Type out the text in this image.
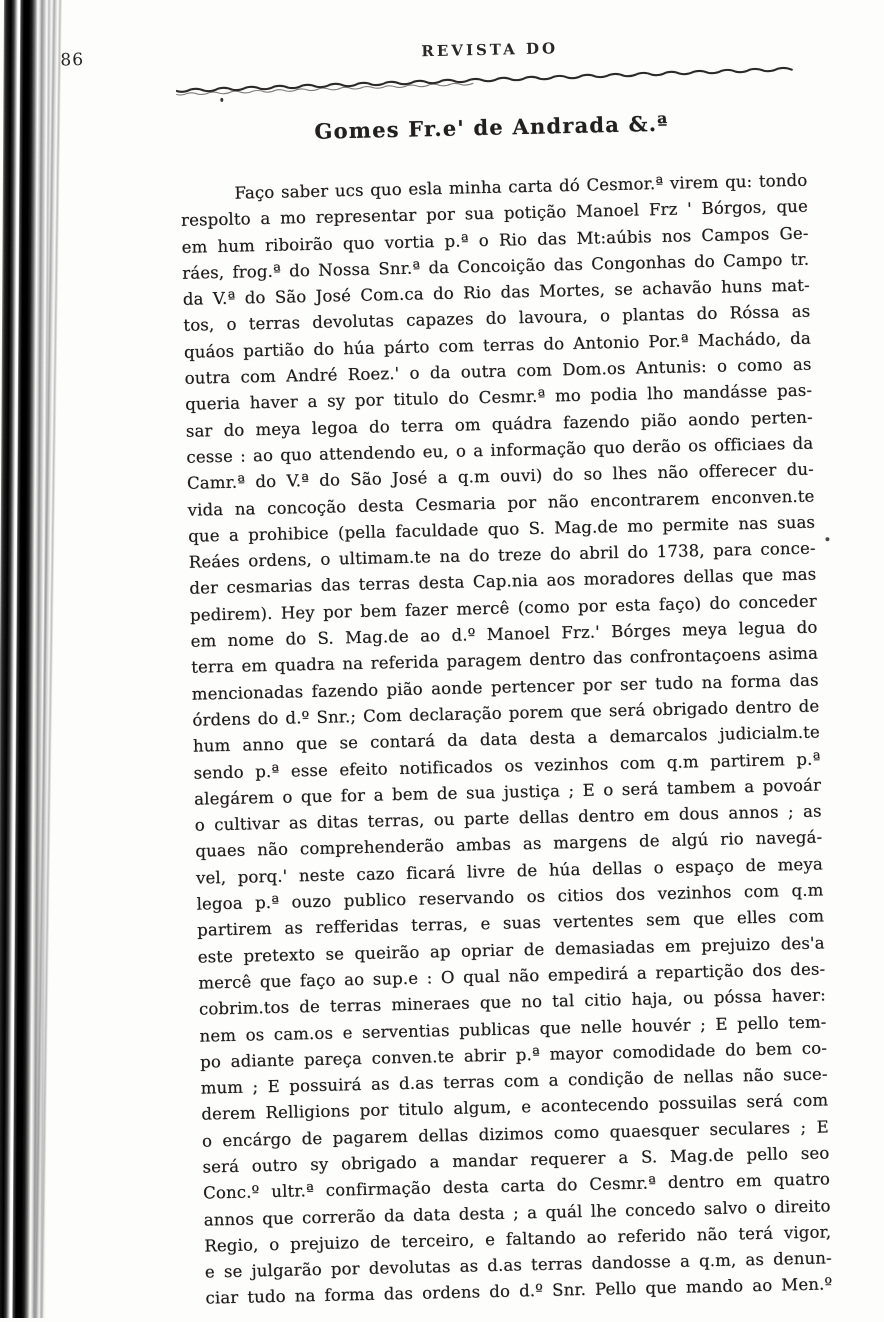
86	REVISTA DO
Gomes Fr.e' de Andrada &.ª
Faço saber ucs quo esla minha carta dó Cesmor.ª virem qu: tondo
respolto a mo representar por sua potição Manoel Frz ' Bórgos, que
em hum riboirão quo vortia p.ª o Rio das Mt:aúbis nos Campos Ge-
ráes, frog.ª do Nossa Snr.ª da Concoição das Congonhas do Campo tr.
da V.ª do São José Com.ca do Rio das Mortes, se achavão huns mat-
tos, o terras devolutas capazes do lavoura, o plantas do Róssa as
quáos partião do húa párto com terras do Antonio Por.ª Machádo, da
outra com André Roez.' o da outra com Dom.os Antunis: o como as
queria haver a sy por titulo do Cesmr.ª mo podia lho mandásse pas-
sar do meya legoa do terra om quádra fazendo pião aondo perten-
cesse : ao quo attendendo eu, o a informação quo derão os officiaes da
Camr.ª do V.ª do São José a q.m ouvi) do so lhes não offerecer du-
vida na concoção desta Cesmaria por não encontrarem enconven.te
que a prohibice (pella faculdade quo S. Mag.de mo permite nas suas
Reáes ordens, o ultimam.te na do treze do abril do 1738, para conce-
der cesmarias das terras desta Cap.nia aos moradores dellas que mas
pedirem). Hey por bem fazer mercê (como por esta faço) do conceder
em nome do S. Mag.de ao d.º Manoel Frz.' Bórges meya legua do
terra em quadra na referida paragem dentro das confrontaçoens asima
mencionadas fazendo pião aonde pertencer por ser tudo na forma das
órdens do d.º Snr.; Com declaração porem que será obrigado dentro de
hum anno que se contará da data desta a demarcalos judicialm.te
sendo p.ª esse efeito notificados os vezinhos com q.m partirem p.ª
alegárem o que for a bem de sua justiça ; E o será tambem a povoár
o cultivar as ditas terras, ou parte dellas dentro em dous annos ; as
quaes não comprehenderão ambas as margens de algú rio navegá-
vel, porq.' neste cazo ficará livre de húa dellas o espaço de meya
legoa p.ª ouzo publico reservando os citios dos vezinhos com q.m
partirem as refferidas terras, e suas vertentes sem que elles com
este pretexto se queirão ap opriar de demasiadas em prejuizo des'a
mercê que faço ao sup.e : O qual não empedirá a repartição dos des-
cobrim.tos de terras mineraes que no tal citio haja, ou póssa haver:
nem os cam.os e serventias publicas que nelle houvér ; E pello tem-
po adiante pareça conven.te abrir p.ª mayor comodidade do bem co-
mum ; E possuirá as d.as terras com a condição de nellas não suce-
derem Relligions por titulo algum, e acontecendo possuilas será com
o encárgo de pagarem dellas dizimos como quaesquer seculares ; E
será outro sy obrigado a mandar requerer a S. Mag.de pello seo
Conc.º ultr.ª confirmação desta carta do Cesmr.ª dentro em quatro
annos que correrão da data desta ; a quál lhe concedo salvo o direito
Regio, o prejuizo de terceiro, e faltando ao referido não terá vigor,
e se julgarão por devolutas as d.as terras dandosse a q.m, as denun-
ciar tudo na forma das ordens do d.º Snr. Pello que mando ao Men.º
